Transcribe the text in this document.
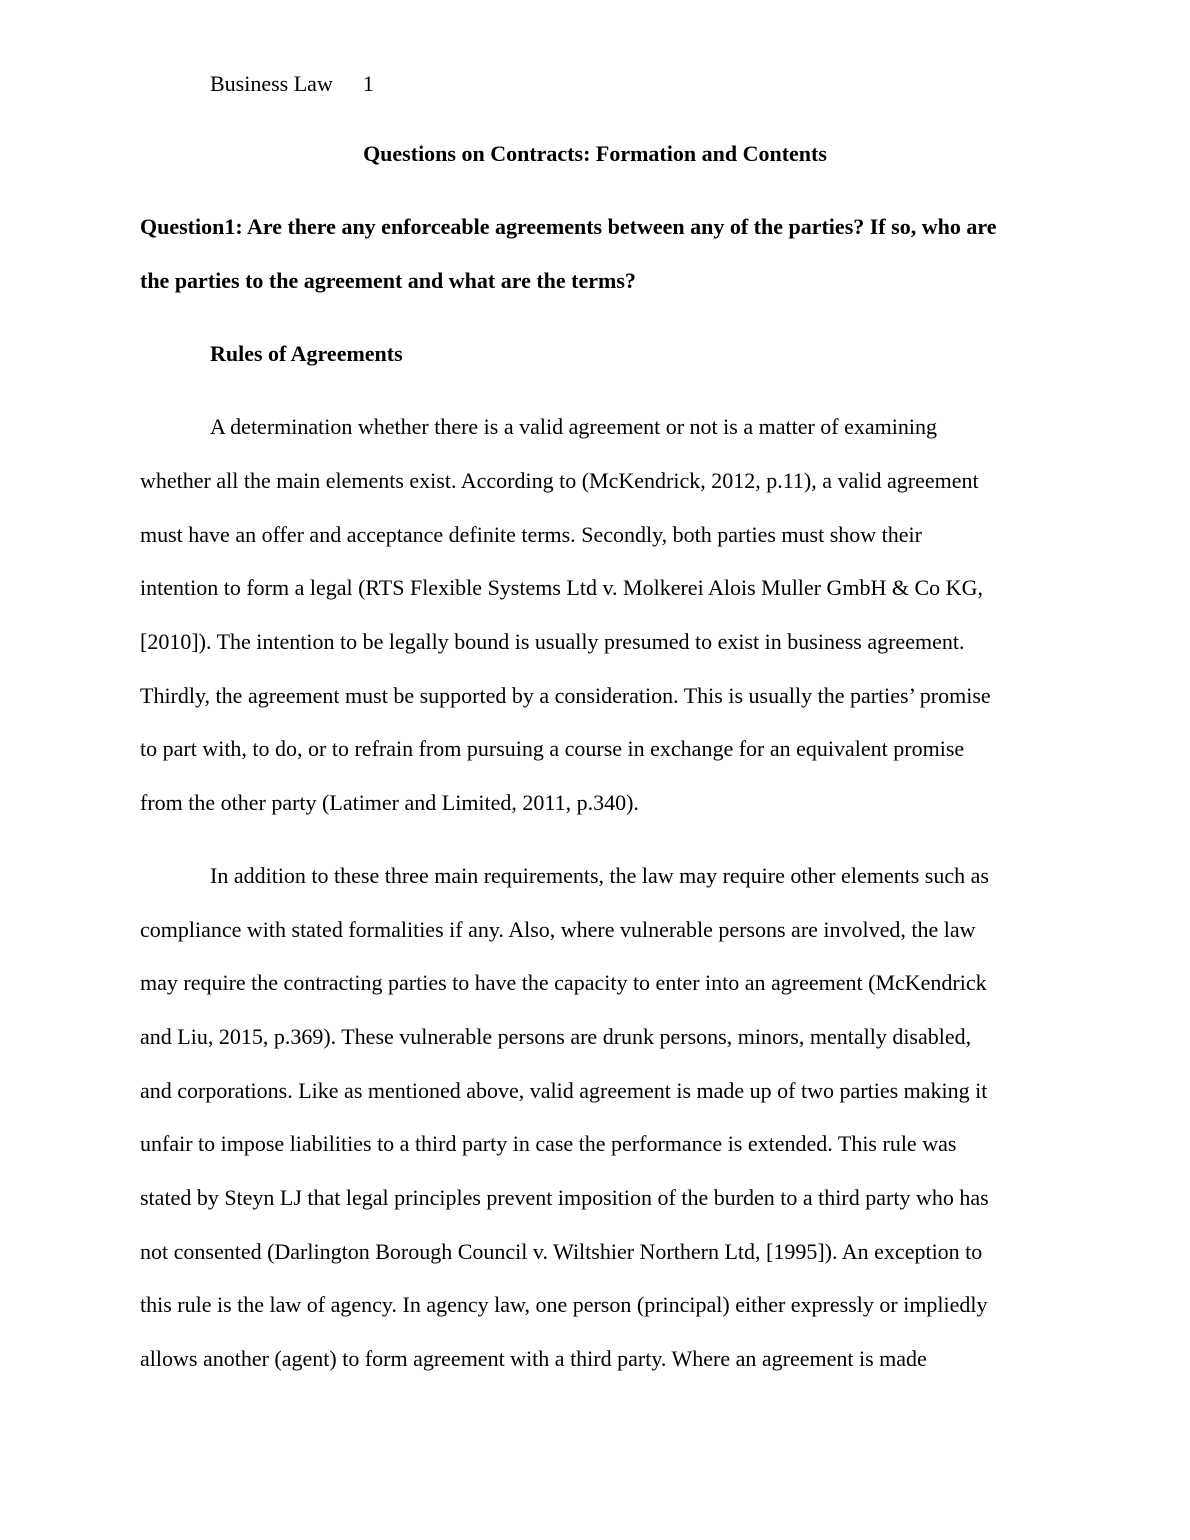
Business Law 1
Questions on Contracts: Formation and Contents
Question1: Are there any enforceable agreements between any of the parties? If so, who are
the parties to the agreement and what are the terms?
Rules of Agreements
A determination whether there is a valid agreement or not is a matter of examining
whether all the main elements exist. According to (McKendrick, 2012, p.11), a valid agreement
must have an offer and acceptance definite terms. Secondly, both parties must show their
intention to form a legal (RTS Flexible Systems Ltd v. Molkerei Alois Muller GmbH & Co KG,
[2010]). The intention to be legally bound is usually presumed to exist in business agreement.
Thirdly, the agreement must be supported by a consideration. This is usually the parties’ promise
to part with, to do, or to refrain from pursuing a course in exchange for an equivalent promise
from the other party (Latimer and Limited, 2011, p.340).
In addition to these three main requirements, the law may require other elements such as
compliance with stated formalities if any. Also, where vulnerable persons are involved, the law
may require the contracting parties to have the capacity to enter into an agreement (McKendrick
and Liu, 2015, p.369). These vulnerable persons are drunk persons, minors, mentally disabled,
and corporations. Like as mentioned above, valid agreement is made up of two parties making it
unfair to impose liabilities to a third party in case the performance is extended. This rule was
stated by Steyn LJ that legal principles prevent imposition of the burden to a third party who has
not consented (Darlington Borough Council v. Wiltshier Northern Ltd, [1995]). An exception to
this rule is the law of agency. In agency law, one person (principal) either expressly or impliedly
allows another (agent) to form agreement with a third party. Where an agreement is made
